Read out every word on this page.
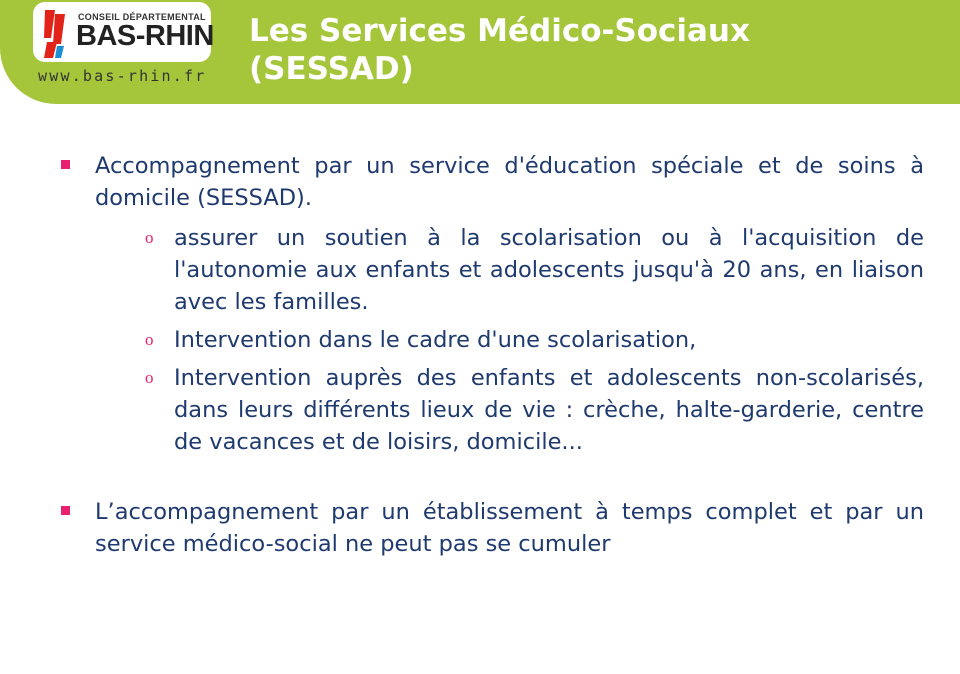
CONSEIL DÉPARTEMENTAL
BAS-RHIN
www.bas-rhin.fr
Les Services Médico-Sociaux (SESSAD)
Accompagnement par un service d'éducation spéciale et de soins à domicile (SESSAD).
o assurer un soutien à la scolarisation ou à l'acquisition de l'autonomie aux enfants et adolescents jusqu'à 20 ans, en liaison avec les familles.
o Intervention dans le cadre d'une scolarisation,
o Intervention auprès des enfants et adolescents non-scolarisés, dans leurs différents lieux de vie : crèche, halte-garderie, centre de vacances et de loisirs, domicile...
L’accompagnement par un établissement à temps complet et par un service médico-social ne peut pas se cumuler
